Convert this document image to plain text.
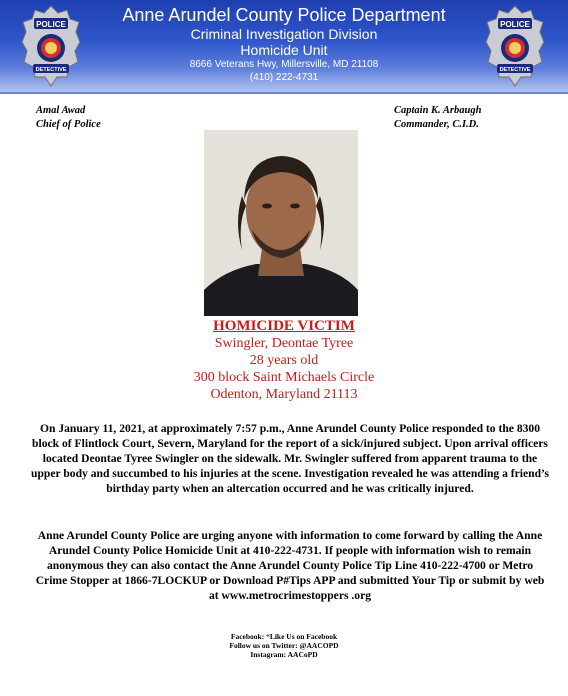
POLICE
DETECTIVE
Anne Arundel County Police Department
Criminal Investigation Division
Homicide Unit
8666 Veterans Hwy, Millersville, MD 21108
(410) 222-4731
POLICE
DETECTIVE
Amal Awad
Chief of Police
Captain K. Arbaugh
Commander, C.I.D.
HOMICIDE VICTIM
Swingler, Deontae Tyree
28 years old
300 block Saint Michaels Circle
Odenton, Maryland 21113

On January 11, 2021, at approximately 7:57 p.m., Anne Arundel County Police responded to the 8300 block of Flintlock Court, Severn, Maryland for the report of a sick/injured subject. Upon arrival officers located Deontae Tyree Swingler on the sidewalk. Mr. Swingler suffered from apparent trauma to the upper body and succumbed to his injuries at the scene. Investigation revealed he was attending a friend’s birthday party when an altercation occurred and he was critically injured.

Anne Arundel County Police are urging anyone with information to come forward by calling the Anne Arundel County Police Homicide Unit at 410-222-4731. If people with information wish to remain anonymous they can also contact the Anne Arundel County Police Tip Line 410-222-4700 or Metro Crime Stopper at 1866-7LOCKUP or Download P#Tips APP and submitted Your Tip or submit by web at www.metrocrimestoppers .org

Facebook: “Like Us on Facebook
Follow us on Twitter: @AACOPD
Instagram: AACoPD
